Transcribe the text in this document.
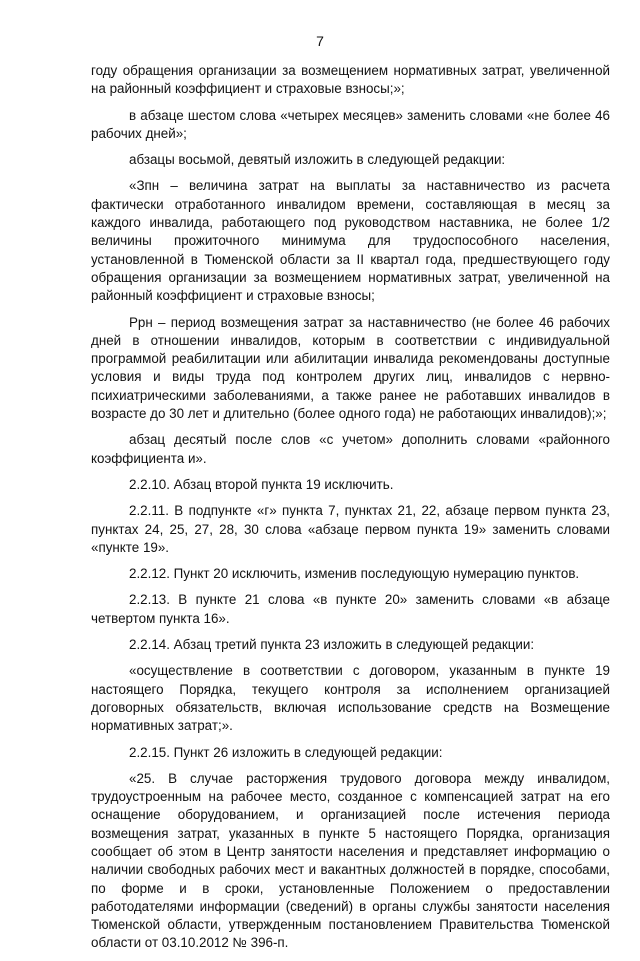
7

году обращения организации за возмещением нормативных затрат, увеличенной на районный коэффициент и страховые взносы;»;

в абзаце шестом слова «четырех месяцев» заменить словами «не более 46 рабочих дней»;

абзацы восьмой, девятый изложить в следующей редакции:

«Зпн – величина затрат на выплаты за наставничество из расчета фактически отработанного инвалидом времени, составляющая в месяц за каждого инвалида, работающего под руководством наставника, не более 1/2 величины прожиточного минимума для трудоспособного населения, установленной в Тюменской области за II квартал года, предшествующего году обращения организации за возмещением нормативных затрат, увеличенной на районный коэффициент и страховые взносы;

Ррн – период возмещения затрат за наставничество (не более 46 рабочих дней в отношении инвалидов, которым в соответствии с индивидуальной программой реабилитации или абилитации инвалида рекомендованы доступные условия и виды труда под контролем других лиц, инвалидов с нервно-психиатрическими заболеваниями, а также ранее не работавших инвалидов в возрасте до 30 лет и длительно (более одного года) не работающих инвалидов);»;

абзац десятый после слов «с учетом» дополнить словами «районного коэффициента и».

2.2.10. Абзац второй пункта 19 исключить.

2.2.11. В подпункте «г» пункта 7, пунктах 21, 22, абзаце первом пункта 23, пунктах 24, 25, 27, 28, 30 слова «абзаце первом пункта 19» заменить словами «пункте 19».

2.2.12. Пункт 20 исключить, изменив последующую нумерацию пунктов.

2.2.13. В пункте 21 слова «в пункте 20» заменить словами «в абзаце четвертом пункта 16».

2.2.14. Абзац третий пункта 23 изложить в следующей редакции:

«осуществление в соответствии с договором, указанным в пункте 19 настоящего Порядка, текущего контроля за исполнением организацией договорных обязательств, включая использование средств на Возмещение нормативных затрат;».

2.2.15. Пункт 26 изложить в следующей редакции:

«25. В случае расторжения трудового договора между инвалидом, трудоустроенным на рабочее место, созданное с компенсацией затрат на его оснащение оборудованием, и организацией после истечения периода возмещения затрат, указанных в пункте 5 настоящего Порядка, организация сообщает об этом в Центр занятости населения и представляет информацию о наличии свободных рабочих мест и вакантных должностей в порядке, способами, по форме и в сроки, установленные Положением о предоставлении работодателями информации (сведений) в органы службы занятости населения Тюменской области, утвержденным постановлением Правительства Тюменской области от 03.10.2012 № 396-п.
